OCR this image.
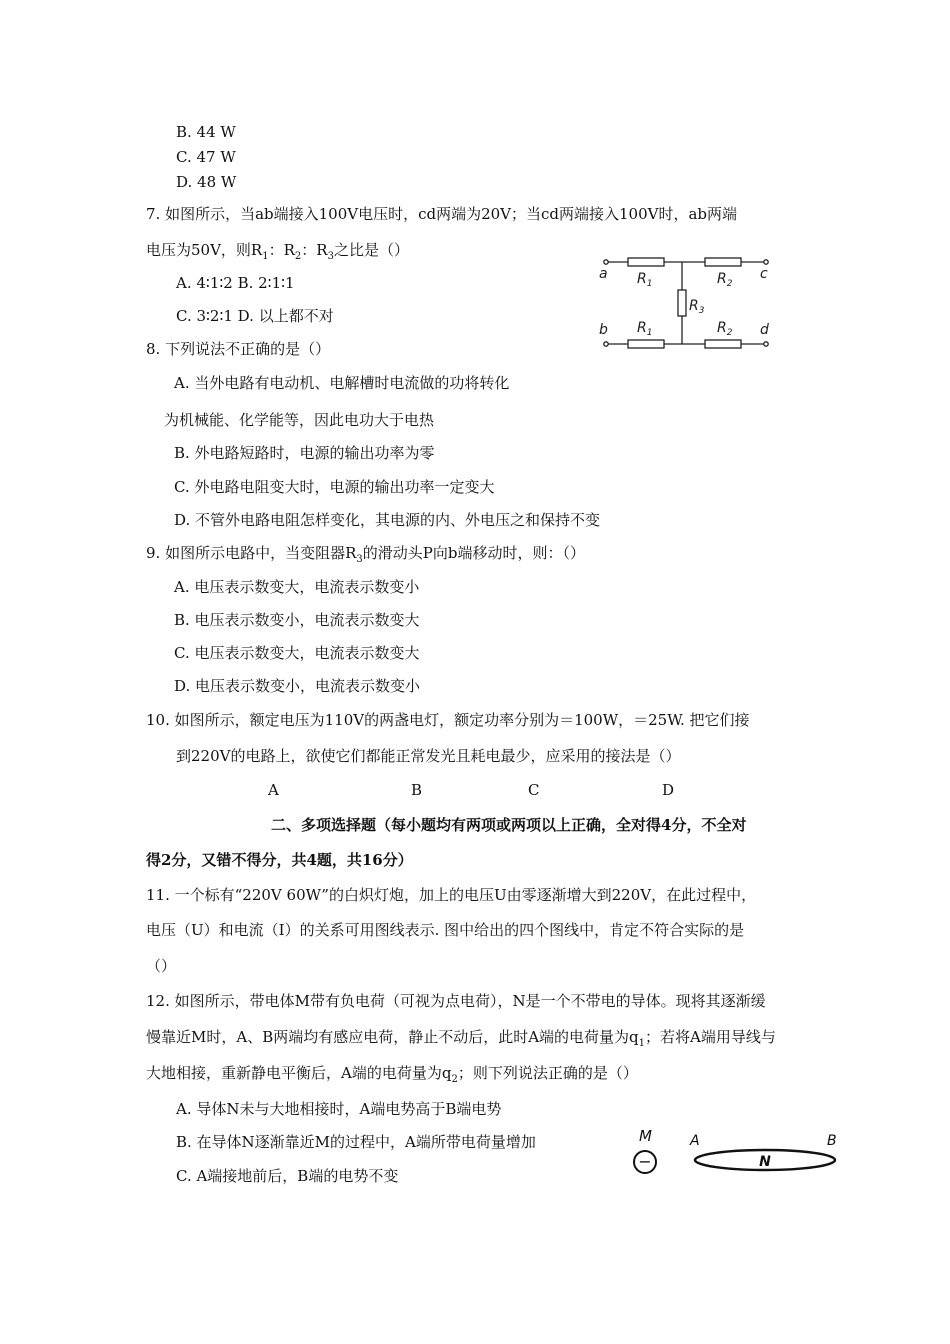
B. 44 W
C. 47 W
D. 48 W
7. 如图所示，当ab端接入100V电压时，cd两端为20V；当cd两端接入100V时，ab两端
电压为50V，则$R_1$：$R_2$：$R_3$之比是（）
A. 4∶1∶2 B. 2∶1∶1
C. 3∶2∶1 D. 以上都不对
a	c
b	d
$R_1$	$R_2$
$R_3$
$R_1$	$R_2$
8. 下列说法不正确的是（）
A. 当外电路有电动机、电解槽时电流做的功将转化
为机械能、化学能等，因此电功大于电热
B. 外电路短路时，电源的输出功率为零
C. 外电路电阻变大时，电源的输出功率一定变大
D. 不管外电路电阻怎样变化，其电源的内、外电压之和保持不变
9. 如图所示电路中，当变阻器$R_3$的滑动头P向b端移动时，则：（）
A. 电压表示数变大，电流表示数变小
B. 电压表示数变小，电流表示数变大
C. 电压表示数变大，电流表示数变大
D. 电压表示数变小，电流表示数变小
10. 如图所示，额定电压为110V的两盏电灯，额定功率分别为＝100W，＝25W. 把它们接
到220V的电路上，欲使它们都能正常发光且耗电最少，应采用的接法是（）
A	B	C	D
二、多项选择题（每小题均有两项或两项以上正确，全对得4分，不全对
得2分，又错不得分，共4题，共16分）
11. 一个标有“220V 60W”的白炽灯炮，加上的电压U由零逐渐增大到220V，在此过程中，
电压（U）和电流（I）的关系可用图线表示. 图中给出的四个图线中，肯定不符合实际的是
（）
12. 如图所示，带电体M带有负电荷（可视为点电荷），N是一个不带电的导体。现将其逐渐缓
慢靠近M时，A、B两端均有感应电荷，静止不动后，此时A端的电荷量为$q_1$；若将A端用导线与
大地相接，重新静电平衡后，A端的电荷量为$q_2$；则下列说法正确的是（）
A. 导体N未与大地相接时，A端电势高于B端电势
B. 在导体N逐渐靠近M的过程中，A端所带电荷量增加
C. A端接地前后，B端的电势不变
M	A	B
−	N
